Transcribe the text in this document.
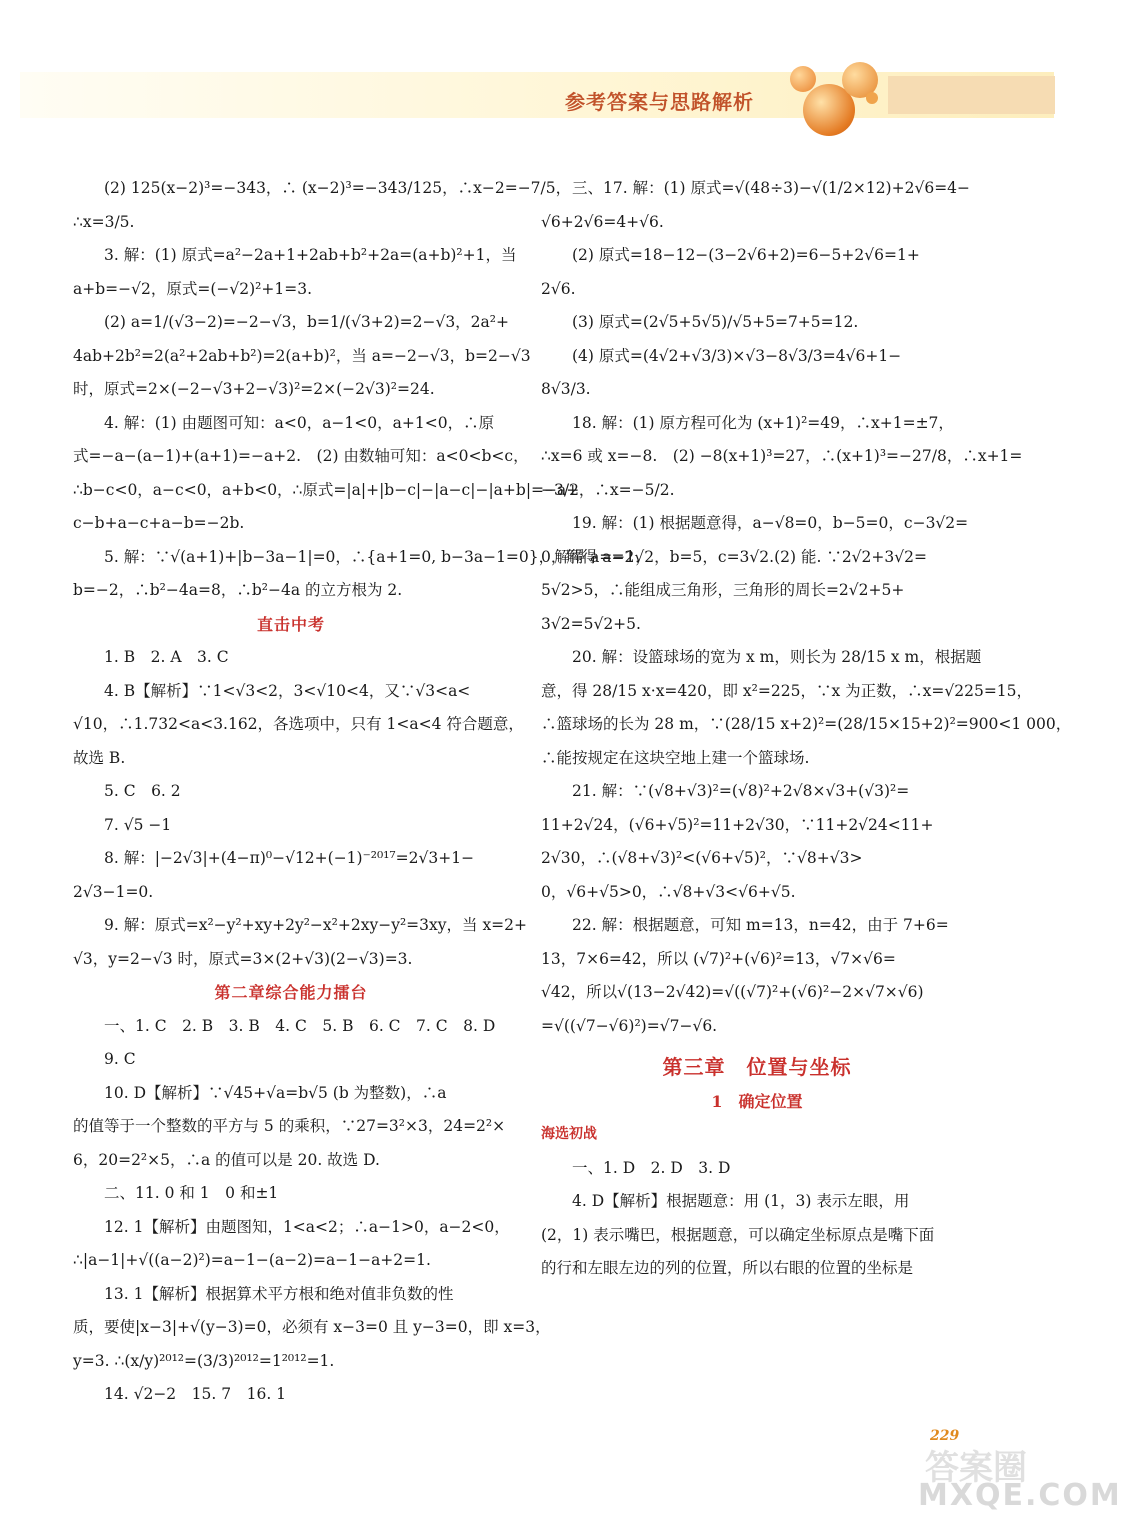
参考答案与思路解析
(2) 125(x−2)³=−343，∴ (x−2)³=−343/125，∴x−2=−7/5，
∴x=3/5.
3. 解：(1) 原式=a²−2a+1+2ab+b²+2a=(a+b)²+1，当
a+b=−√2，原式=(−√2)²+1=3.
(2) a=1/(√3−2)=−2−√3，b=1/(√3+2)=2−√3，2a²+
4ab+2b²=2(a²+2ab+b²)=2(a+b)²，当 a=−2−√3，b=2−√3
时，原式=2×(−2−√3+2−√3)²=2×(−2√3)²=24.
4. 解：(1) 由题图可知：a<0，a−1<0，a+1<0，∴原
式=−a−(a−1)+(a+1)=−a+2.　(2) 由数轴可知：a<0<b<c，
∴b−c<0，a−c<0，a+b<0，∴原式=|a|+|b−c|−|a−c|−|a+b|=−a+
c−b+a−c+a−b=−2b.
5. 解：∵√(a+1)+|b−3a−1|=0，∴{a+1=0, b−3a−1=0}，解得 a=−1，
b=−2，∴b²−4a=8，∴b²−4a 的立方根为 2.
直击中考
1. B　2. A　3. C
4. B【解析】∵1<√3<2，3<√10<4，又∵√3<a<
√10，∴1.732<a<3.162，各选项中，只有 1<a<4 符合题意，
故选 B.
5. C　6. 2
7. √5 −1
8. 解：|−2√3|+(4−π)⁰−√12+(−1)⁻²⁰¹⁷=2√3+1−
2√3−1=0.
9. 解：原式=x²−y²+xy+2y²−x²+2xy−y²=3xy，当 x=2+
√3，y=2−√3 时，原式=3×(2+√3)(2−√3)=3.
第二章综合能力擂台
一、1. C　2. B　3. B　4. C　5. B　6. C　7. C　8. D
9. C
10. D【解析】∵√45+√a=b√5 (b 为整数)，∴a
的值等于一个整数的平方与 5 的乘积，∵27=3²×3，24=2²×
6，20=2²×5，∴a 的值可以是 20. 故选 D.
二、11. 0 和 1　0 和±1
12. 1【解析】由题图知，1<a<2；∴a−1>0，a−2<0，
∴|a−1|+√((a−2)²)=a−1−(a−2)=a−1−a+2=1.
13. 1【解析】根据算术平方根和绝对值非负数的性
质，要使|x−3|+√(y−3)=0，必须有 x−3=0 且 y−3=0，即 x=3，
y=3. ∴(x/y)²⁰¹²=(3/3)²⁰¹²=1²⁰¹²=1.
14. √2−2　15. 7　16. 1
三、17. 解：(1) 原式=√(48÷3)−√(1/2×12)+2√6=4−
√6+2√6=4+√6.
(2) 原式=18−12−(3−2√6+2)=6−5+2√6=1+
2√6.
(3) 原式=(2√5+5√5)/√5+5=7+5=12.
(4) 原式=(4√2+√3/3)×√3−8√3/3=4√6+1−
8√3/3.
18. 解：(1) 原方程可化为 (x+1)²=49，∴x+1=±7，
∴x=6 或 x=−8.　(2) −8(x+1)³=27，∴(x+1)³=−27/8，∴x+1=
−3/2，∴x=−5/2.
19. 解：(1) 根据题意得，a−√8=0，b−5=0，c−3√2=
0，解得 a=2√2，b=5，c=3√2.(2) 能. ∵2√2+3√2=
5√2>5，∴能组成三角形，三角形的周长=2√2+5+
3√2=5√2+5.
20. 解：设篮球场的宽为 x m，则长为 28/15 x m，根据题
意，得 28/15 x·x=420，即 x²=225，∵x 为正数，∴x=√225=15，
∴篮球场的长为 28 m，∵(28/15 x+2)²=(28/15×15+2)²=900<1 000，
∴能按规定在这块空地上建一个篮球场.
21. 解：∵(√8+√3)²=(√8)²+2√8×√3+(√3)²=
11+2√24，(√6+√5)²=11+2√30，∵11+2√24<11+
2√30，∴(√8+√3)²<(√6+√5)²，∵√8+√3>
0，√6+√5>0，∴√8+√3<√6+√5.
22. 解：根据题意，可知 m=13，n=42，由于 7+6=
13，7×6=42，所以 (√7)²+(√6)²=13，√7×√6=
√42，所以√(13−2√42)=√((√7)²+(√6)²−2×√7×√6)
=√((√7−√6)²)=√7−√6.
第三章　位置与坐标
1　确定位置
海选初战
一、1. D　2. D　3. D
4. D【解析】根据题意：用 (1，3) 表示左眼，用
(2，1) 表示嘴巴，根据题意，可以确定坐标原点是嘴下面
的行和左眼左边的列的位置，所以右眼的位置的坐标是
229
答案圈
MXQE.COM
